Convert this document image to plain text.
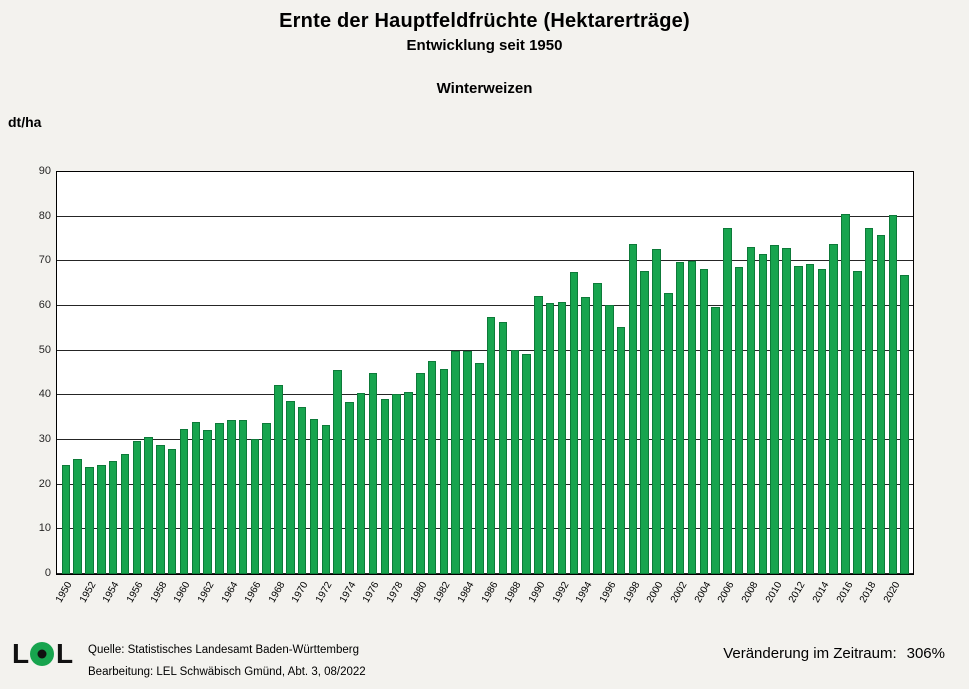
Ernte der Hauptfeldfrüchte (Hektarerträge)
Entwicklung seit 1950
Winterweizen
dt/ha
0
10
20
30
40
50
60
70
80
90
1950 1952 1954 1956 1958 1960 1962 1964 1966 1968 1970 1972 1974 1976 1978 1980 1982 1984 1986 1988 1990 1992 1994 1996 1998 2000 2002 2004 2006 2008 2010 2012 2014 2016 2018 2020
L L Quelle: Statistisches Landesamt Baden-Württemberg
Bearbeitung: LEL Schwäbisch Gmünd, Abt. 3, 08/2022
Veränderung im Zeitraum: 306%
